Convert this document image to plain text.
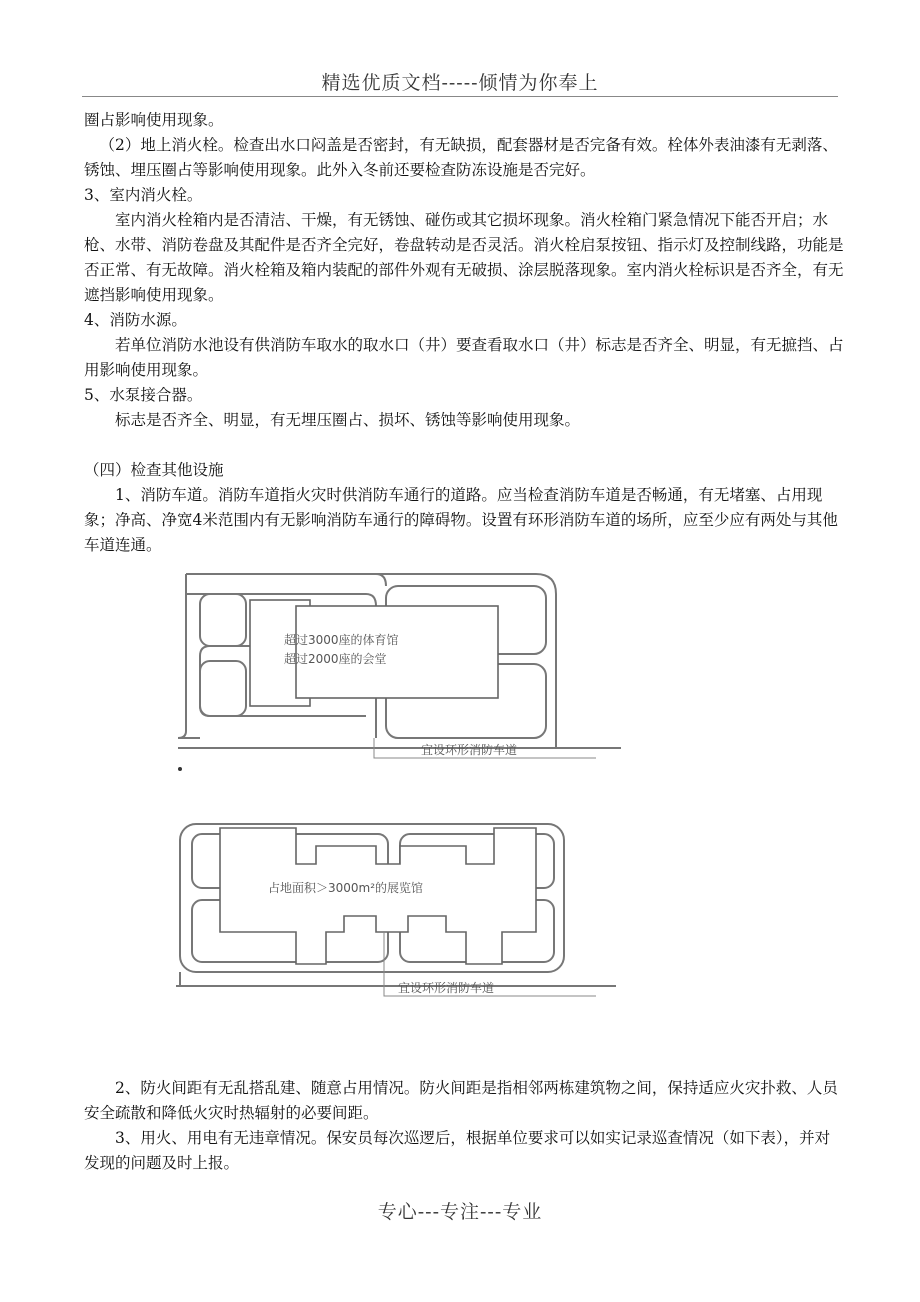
精选优质文档-----倾情为你奉上

圈占影响使用现象。

（2）地上消火栓。检查出水口闷盖是否密封，有无缺损，配套器材是否完备有效。栓体外表油漆有无剥落、锈蚀、埋压圈占等影响使用现象。此外入冬前还要检查防冻设施是否完好。

3、室内消火栓。

室内消火栓箱内是否清洁、干燥，有无锈蚀、碰伤或其它损坏现象。消火栓箱门紧急情况下能否开启；水枪、水带、消防卷盘及其配件是否齐全完好，卷盘转动是否灵活。消火栓启泵按钮、指示灯及控制线路，功能是否正常、有无故障。消火栓箱及箱内装配的部件外观有无破损、涂层脱落现象。室内消火栓标识是否齐全，有无遮挡影响使用现象。

4、消防水源。

若单位消防水池设有供消防车取水的取水口（井）要查看取水口（井）标志是否齐全、明显，有无摭挡、占用影响使用现象。

5、水泵接合器。

标志是否齐全、明显，有无埋压圈占、损坏、锈蚀等影响使用现象。

（四）检查其他设施

1、消防车道。消防车道指火灾时供消防车通行的道路。应当检查消防车道是否畅通，有无堵塞、占用现象；净高、净宽4米范围内有无影响消防车通行的障碍物。设置有环形消防车道的场所，应至少应有两处与其他车道连通。

超过3000座的体育馆
超过2000座的会堂
宜设环形消防车道
占地面积＞3000m²的展览馆
宜设环形消防车道

2、防火间距有无乱搭乱建、随意占用情况。防火间距是指相邻两栋建筑物之间，保持适应火灾扑救、人员安全疏散和降低火灾时热辐射的必要间距。

3、用火、用电有无违章情况。保安员每次巡逻后，根据单位要求可以如实记录巡查情况（如下表），并对发现的问题及时上报。

专心---专注---专业
